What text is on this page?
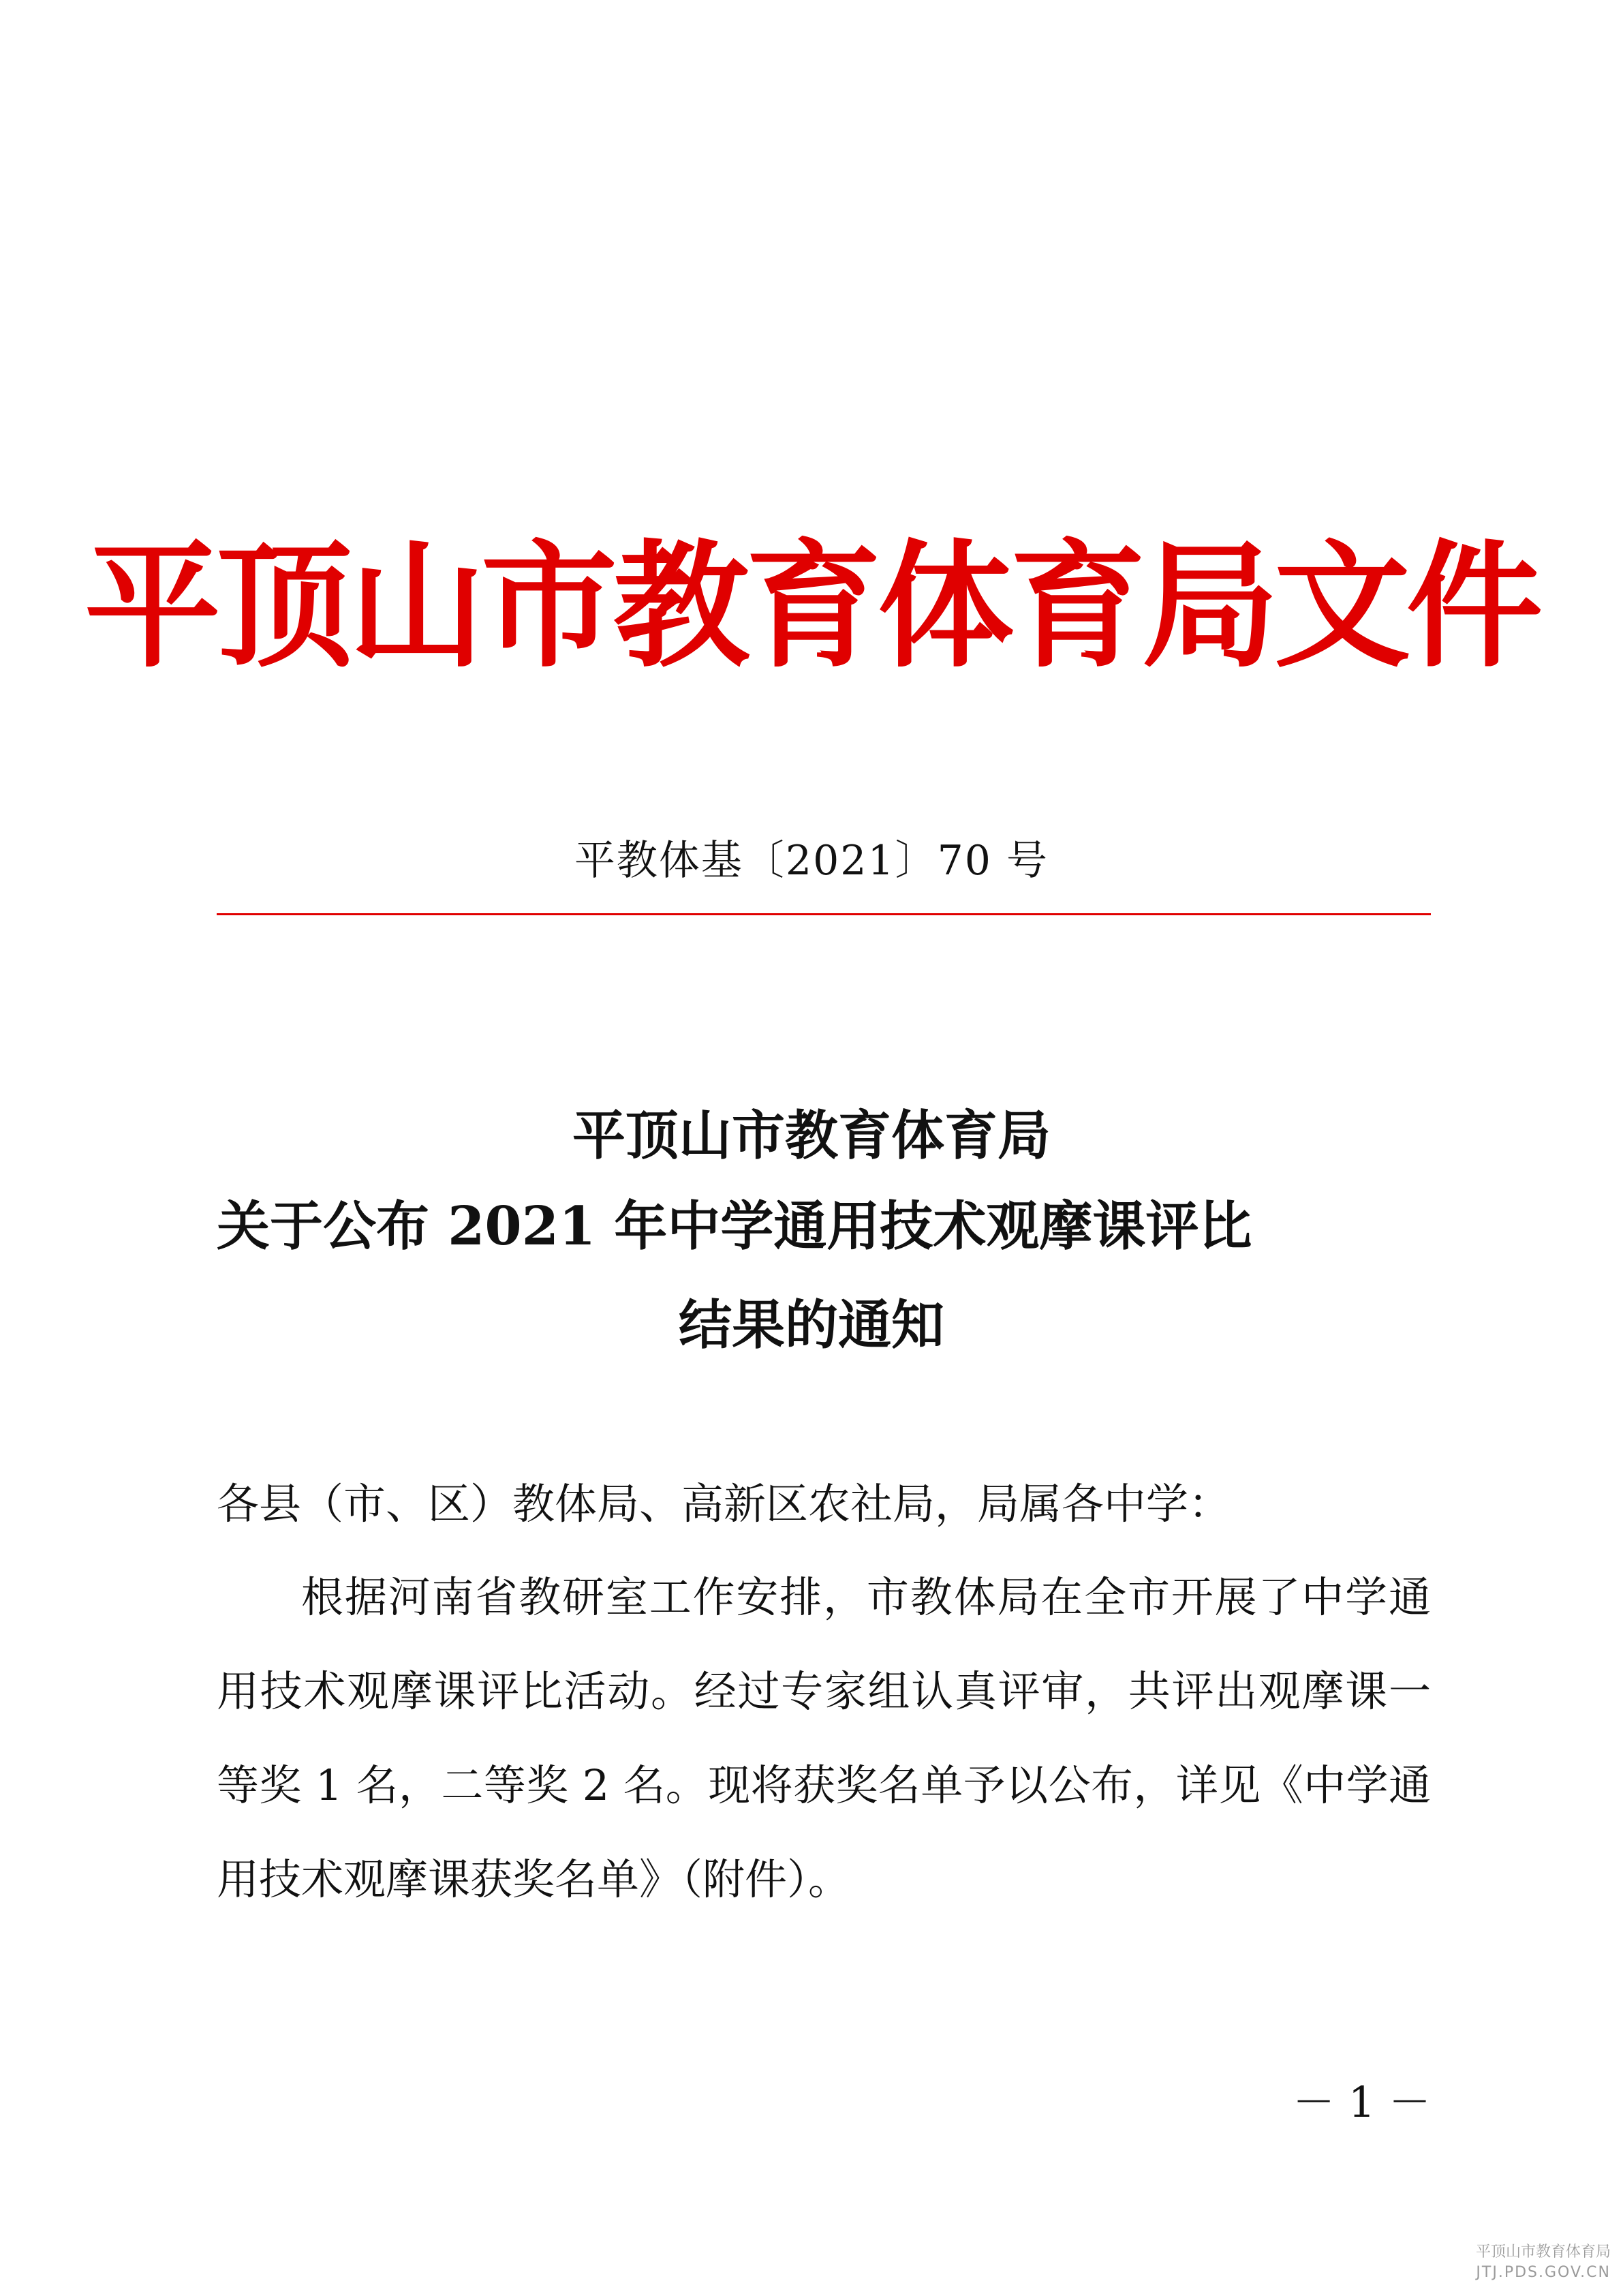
平顶山市教育体育局文件
平教体基〔2021〕70 号
平顶山市教育体育局
关于公布 2021 年中学通用技术观摩课评比
结果的通知
各县（市、区）教体局、高新区农社局，局属各中学：
根据河南省教研室工作安排，市教体局在全市开展了中学通用技术观摩课评比活动。经过专家组认真评审，共评出观摩课一等奖 1 名，二等奖 2 名。现将获奖名单予以公布，详见《中学通用技术观摩课获奖名单》（附件）。
－ 1 －
平顶山市教育体育局
JTJ.PDS.GOV.CN
